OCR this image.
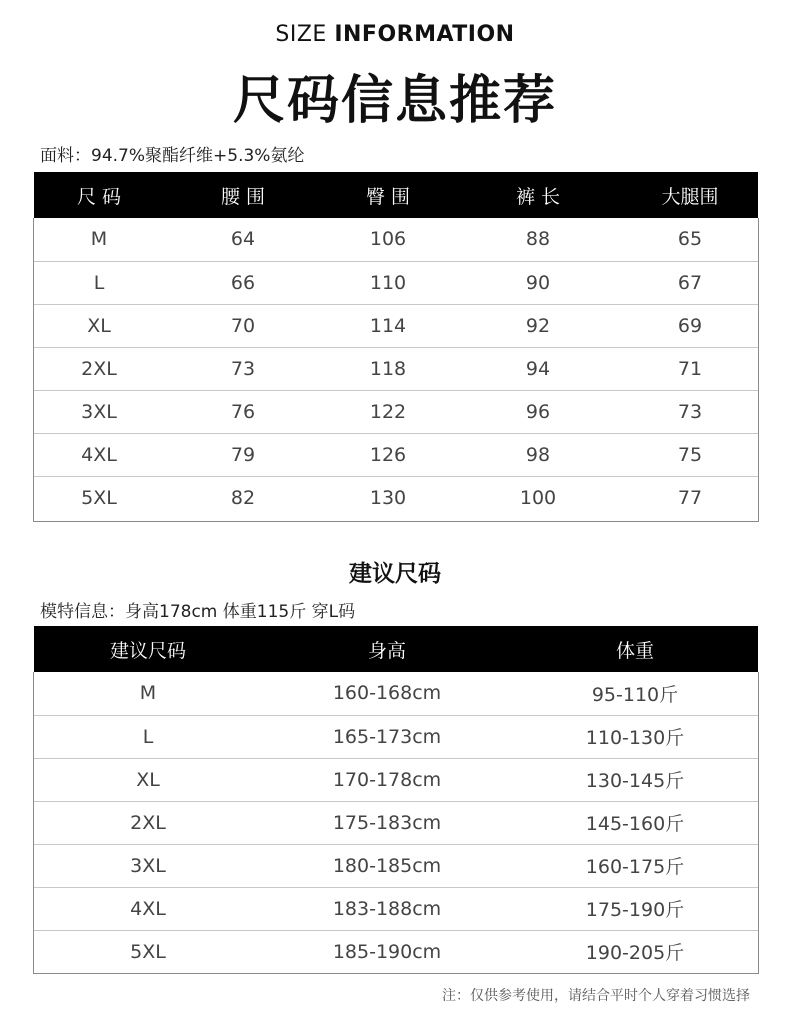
SIZE INFORMATION
尺码信息推荐
面料：94.7%聚酯纤维+5.3%氨纶
尺 码	腰 围	臀 围	裤 长	大腿围
M	64	106	88	65
L	66	110	90	67
XL	70	114	92	69
2XL	73	118	94	71
3XL	76	122	96	73
4XL	79	126	98	75
5XL	82	130	100	77
建议尺码
模特信息：身高178cm 体重115斤 穿L码
建议尺码	身高	体重
M	160-168cm	95-110斤
L	165-173cm	110-130斤
XL	170-178cm	130-145斤
2XL	175-183cm	145-160斤
3XL	180-185cm	160-175斤
4XL	183-188cm	175-190斤
5XL	185-190cm	190-205斤
注：仅供参考使用，请结合平时个人穿着习惯选择
